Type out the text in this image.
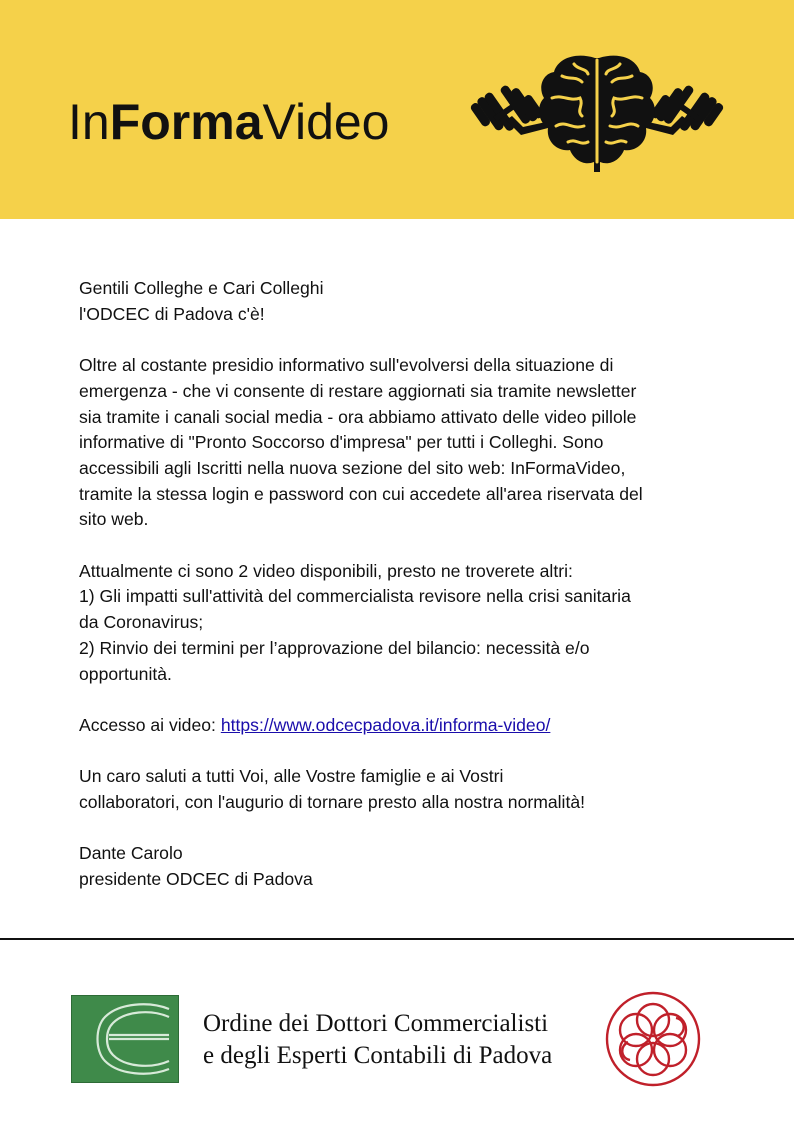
InFormaVideo

Gentili Colleghe e Cari Colleghi
l'ODCEC di Padova c'è!

Oltre al costante presidio informativo sull'evolversi della situazione di
emergenza - che vi consente di restare aggiornati sia tramite newsletter
sia tramite i canali social media - ora abbiamo attivato delle video pillole
informative di "Pronto Soccorso d'impresa" per tutti i Colleghi. Sono
accessibili agli Iscritti nella nuova sezione del sito web: InFormaVideo,
tramite la stessa login e password con cui accedete all'area riservata del
sito web.

Attualmente ci sono 2 video disponibili, presto ne troverete altri:
1) Gli impatti sull'attività del commercialista revisore nella crisi sanitaria
da Coronavirus;
2) Rinvio dei termini per l’approvazione del bilancio: necessità e/o
opportunità.

Accesso ai video: https://www.odcecpadova.it/informa-video/

Un caro saluti a tutti Voi, alle Vostre famiglie e ai Vostri
collaboratori, con l'augurio di tornare presto alla nostra normalità!

Dante Carolo
presidente ODCEC di Padova

Ordine dei Dottori Commercialisti
e degli Esperti Contabili di Padova
